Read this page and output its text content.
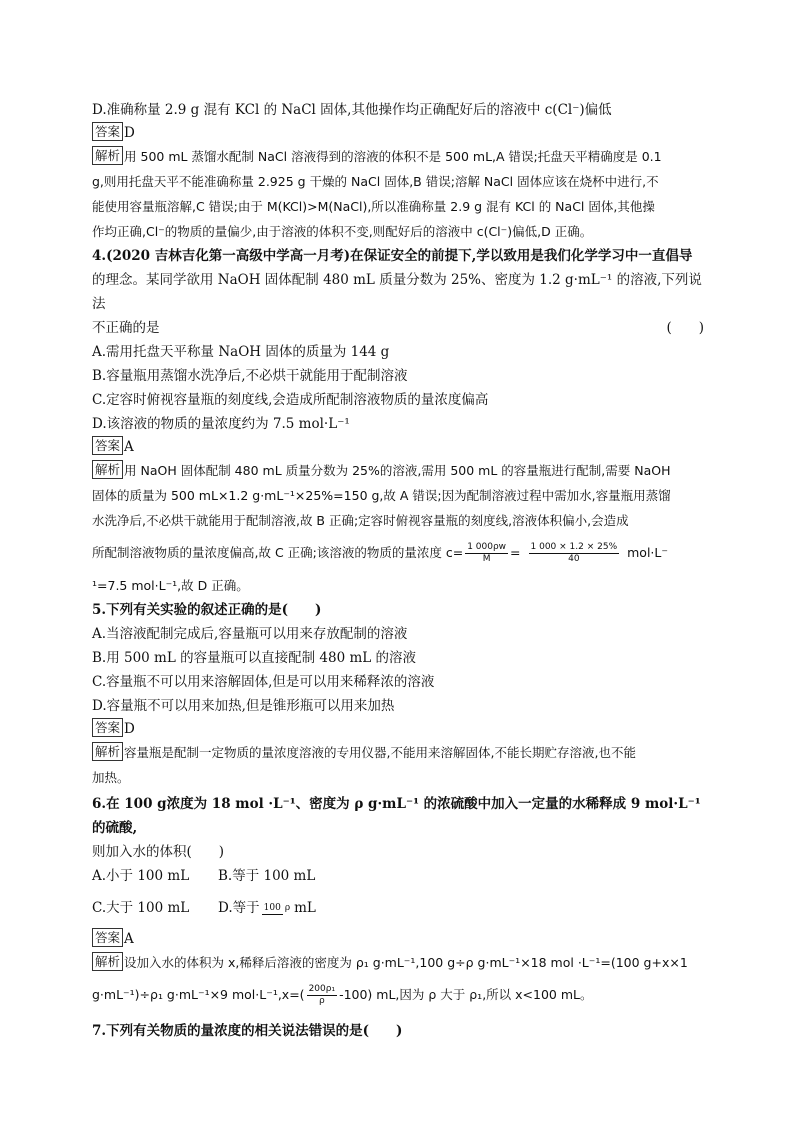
D.准确称量 2.9 g 混有 KCl 的 NaCl 固体,其他操作均正确配好后的溶液中 c(Cl⁻)偏低
答案 D
解析 用 500 mL 蒸馏水配制 NaCl 溶液得到的溶液的体积不是 500 mL,A 错误;托盘天平精确度是 0.1
g,则用托盘天平不能准确称量 2.925 g 干燥的 NaCl 固体,B 错误;溶解 NaCl 固体应该在烧杯中进行,不
能使用容量瓶溶解,C 错误;由于 M(KCl)>M(NaCl),所以准确称量 2.9 g 混有 KCl 的 NaCl 固体,其他操
作均正确,Cl⁻的物质的量偏少,由于溶液的体积不变,则配好后的溶液中 c(Cl⁻)偏低,D 正确。
4.(2020 吉林吉化第一高级中学高一月考)在保证安全的前提下,学以致用是我们化学学习中一直倡导
的理念。某同学欲用 NaOH 固体配制 480 mL 质量分数为 25%、密度为 1.2 g·mL⁻¹ 的溶液,下列说法
不正确的是	(　　)
A.需用托盘天平称量 NaOH 固体的质量为 144 g
B.容量瓶用蒸馏水洗净后,不必烘干就能用于配制溶液
C.定容时俯视容量瓶的刻度线,会造成所配制溶液物质的量浓度偏高
D.该溶液的物质的量浓度约为 7.5 mol·L⁻¹
答案 A
解析 用 NaOH 固体配制 480 mL 质量分数为 25%的溶液,需用 500 mL 的容量瓶进行配制,需要 NaOH
固体的质量为 500 mL×1.2 g·mL⁻¹×25%=150 g,故 A 错误;因为配制溶液过程中需加水,容量瓶用蒸馏
水洗净后,不必烘干就能用于配制溶液,故 B 正确;定容时俯视容量瓶的刻度线,溶液体积偏小,会造成
所配制溶液物质的量浓度偏高,故 C 正确;该溶液的物质的量浓度 $c= \frac{1 000\rho w}{M} = \frac{1 000 \times 1.2 \times 25\%}{40} mol\cdot L^-$
¹=7.5 mol·L⁻¹,故 D 正确。
5.下列有关实验的叙述正确的是(　　)
A.当溶液配制完成后,容量瓶可以用来存放配制的溶液
B.用 500 mL 的容量瓶可以直接配制 480 mL 的溶液
C.容量瓶不可以用来溶解固体,但是可以用来稀释浓的溶液
D.容量瓶不可以用来加热,但是锥形瓶可以用来加热
答案 D
解析 容量瓶是配制一定物质的量浓度溶液的专用仪器,不能用来溶解固体,不能长期贮存溶液,也不能
加热。
6.在 100 g浓度为 18 mol ·L⁻¹、密度为 ρ g·mL⁻¹ 的浓硫酸中加入一定量的水稀释成 9 mol·L⁻¹ 的硫酸,
则加入水的体积(　　)
A.小于 100 mL	B.等于 100 mL
C.大于 100 mL	D.等于 100 ρ mL
答案 A
解析 设加入水的体积为 x,稀释后溶液的密度为 ρ₁ g·mL⁻¹,100 g÷ρ g·mL⁻¹×18 mol ·L⁻¹=(100 g+x×1
g·mL⁻¹)÷ρ₁ g·mL⁻¹×9 $mol\cdot L^{-1},x=( \frac{\text{200ρ₁}}{\rho} -100)$ mL,因为 ρ 大于 ρ₁,所以 x<100 mL。
7.下列有关物质的量浓度的相关说法错误的是(　　)
